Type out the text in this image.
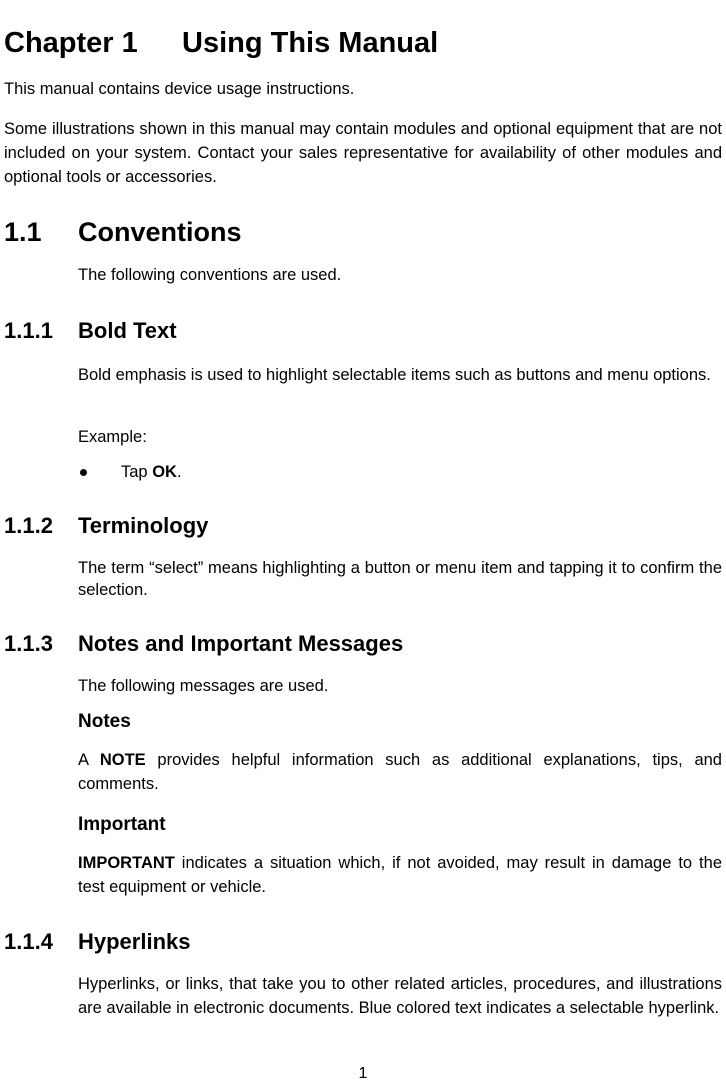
Chapter 1 Using This Manual
This manual contains device usage instructions.
Some illustrations shown in this manual may contain modules and optional equipment that are not included on your system. Contact your sales representative for availability of other modules and optional tools or accessories.
1.1 Conventions
The following conventions are used.
1.1.1 Bold Text
Bold emphasis is used to highlight selectable items such as buttons and menu options.
Example:
Tap OK.
1.1.2 Terminology
The term “select” means highlighting a button or menu item and tapping it to confirm the selection.
1.1.3 Notes and Important Messages
The following messages are used.
Notes
A NOTE provides helpful information such as additional explanations, tips, and comments.
Important
IMPORTANT indicates a situation which, if not avoided, may result in damage to the test equipment or vehicle.
1.1.4 Hyperlinks
Hyperlinks, or links, that take you to other related articles, procedures, and illustrations are available in electronic documents. Blue colored text indicates a selectable hyperlink.
1
